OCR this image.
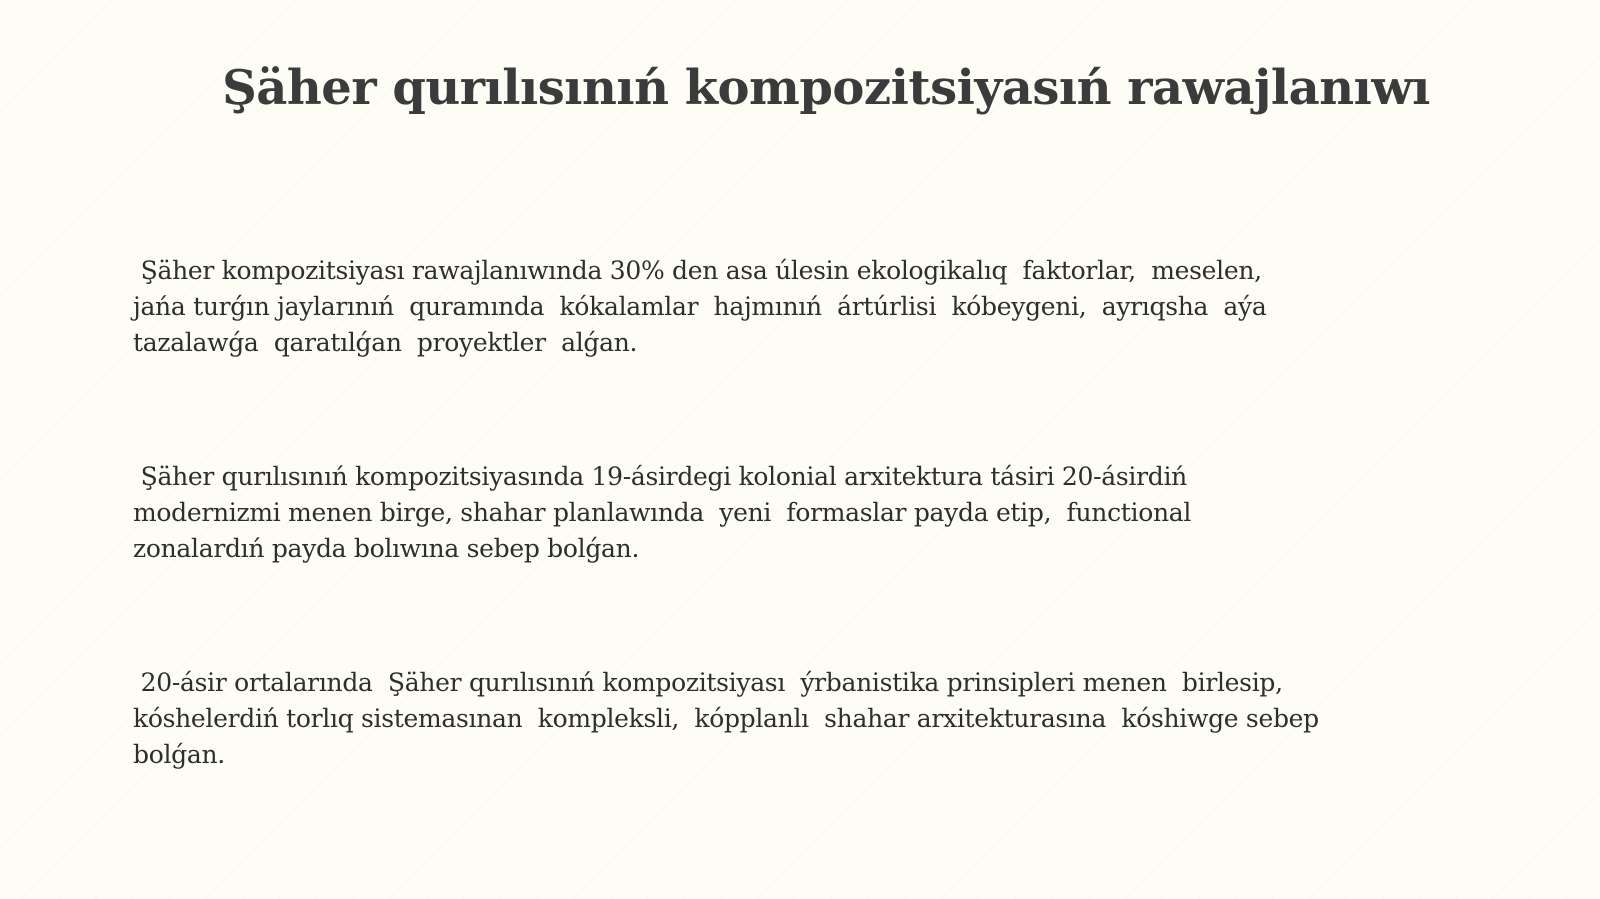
Şäher qurılısınıń kompozitsiyasıń rawajlanıwı
Şäher kompozitsiyası rawajlanıwında 30% den asa úlesin ekologikalıq  faktorlar,  meselen,
jańa turǵın jaylarınıń  quramında  kókalamlar  hajmınıń  ártúrlisi  kóbeygeni,  ayrıqsha  aýa
tazalawǵa  qaratılǵan  proyektler  alǵan.
Şäher qurılısınıń kompozitsiyasında 19-ásirdegi kolonial arxitektura tásiri 20-ásirdiń
modernizmi menen birge, shahar planlawında  yeni  formaslar payda etip,  functional
zonalardıń payda bolıwına sebep bolǵan.
20-ásir ortalarında  Şäher qurılısınıń kompozitsiyası  ýrbanistika prinsipleri menen  birlesip,
kóshelerdiń torlıq sistemasınan  kompleksli,  kópplanlı  shahar arxitekturasına  kóshiwge sebep
bolǵan.
